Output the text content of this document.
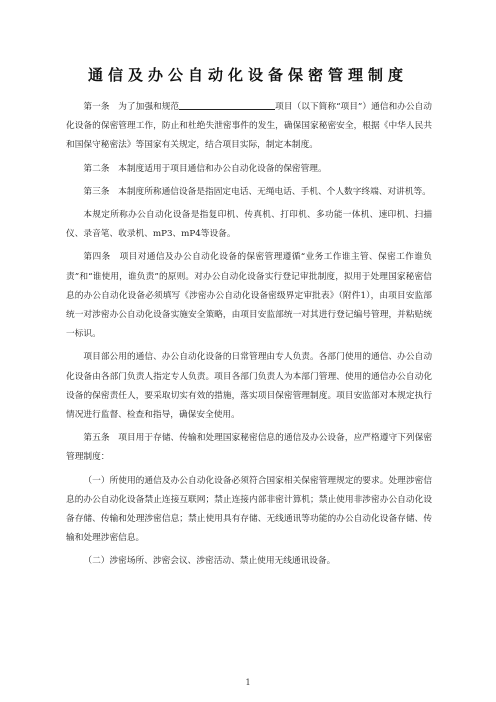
通信及办公自动化设备保密管理制度

第一条　为了加强和规范	项目（以下简称“项目”）通信和办公自动化设备的保密管理工作，防止和杜绝失泄密事件的发生，确保国家秘密安全，根据《中华人民共和国保守秘密法》等国家有关规定，结合项目实际，制定本制度。

第二条　本制度适用于项目通信和办公自动化设备的保密管理。

第三条　本制度所称通信设备是指固定电话、无绳电话、手机、个人数字终端、对讲机等。

本规定所称办公自动化设备是指复印机、传真机、打印机、多功能一体机、速印机、扫描仪、录音笔、收录机、mP3、mP4等设备。

第四条　项目对通信及办公自动化设备的保密管理遵循“业务工作谁主管、保密工作谁负责”和“谁使用，谁负责”的原则。对办公自动化设备实行登记审批制度，拟用于处理国家秘密信息的办公自动化设备必须填写《涉密办公自动化设备密级界定审批表》（附件1），由项目安监部统一对涉密办公自动化设备实施安全策略，由项目安监部统一对其进行登记编号管理，并粘贴统一标识。

项目部公用的通信、办公自动化设备的日常管理由专人负责。各部门使用的通信、办公自动化设备由各部门负责人指定专人负责。项目各部门负责人为本部门管理、使用的通信办公自动化设备的保密责任人，要采取切实有效的措施，落实项目保密管理制度。项目安监部对本规定执行情况进行监督、检查和指导，确保安全使用。

第五条　项目用于存储、传输和处理国家秘密信息的通信及办公设备，应严格遵守下列保密管理制度：

（一）所使用的通信及办公自动化设备必须符合国家相关保密管理规定的要求。处理涉密信息的办公自动化设备禁止连接互联网；禁止连接内部非密计算机；禁止使用非涉密办公自动化设备存储、传输和处理涉密信息；禁止使用具有存储、无线通讯等功能的办公自动化设备存储、传输和处理涉密信息。

（二）涉密场所、涉密会议、涉密活动、禁止使用无线通讯设备。

1
